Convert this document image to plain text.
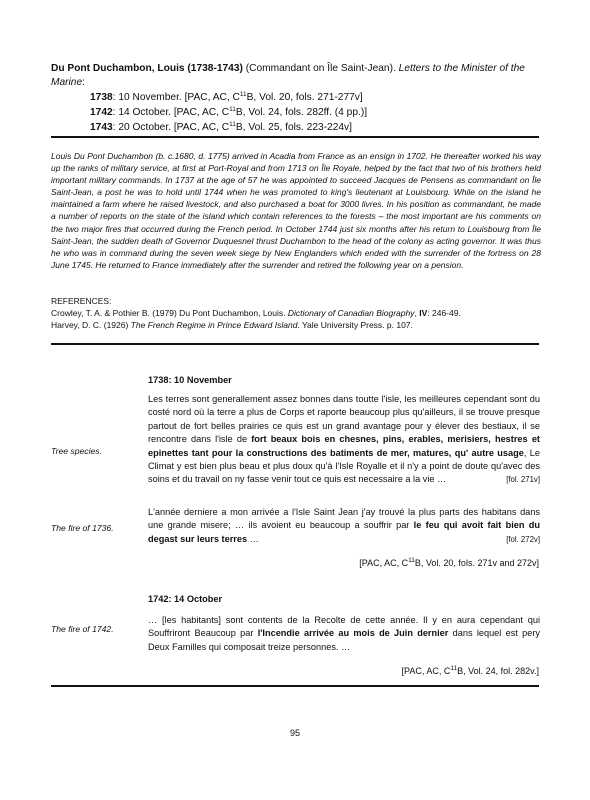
Du Pont Duchambon, Louis (1738-1743) (Commandant on Île Saint-Jean). Letters to the Minister of the Marine:
1738: 10 November. [PAC, AC, $C^{11}B$, Vol. 20, fols. 271-277v]
1742: 14 October. [PAC, AC, $C^{11}B$, Vol. 24, fols. 282ff. (4 pp.)]
1743: 20 October. [PAC, AC, $C^{11}B$, Vol. 25, fols. 223-224v]
Louis Du Pont Duchambon (b. c.1680, d. 1775) arrived in Acadia from France as an ensign in 1702. He thereafter worked his way up the ranks of military service, at first at Port-Royal and from 1713 on Île Royale, helped by the fact that two of his brothers held important military commands. In 1737 at the age of 57 he was appointed to succeed Jacques de Pensens as commandant on Île Saint-Jean, a post he was to hold until 1744 when he was promoted to king's lieutenant at Louisbourg. While on the island he maintained a farm where he raised livestock, and also purchased a boat for 3000 livres. In his position as commandant, he made a number of reports on the state of the island which contain references to the forests – the most important are his comments on the two major fires that occurred during the French period. In October 1744 just six months after his return to Louisbourg from Île Saint-Jean, the sudden death of Governor Duquesnel thrust Duchambon to the head of the colony as acting governor. It was thus he who was in command during the seven week siege by New Englanders which ended with the surrender of the fortress on 28 June 1745. He returned to France immediately after the surrender and retired the following year on a pension.
REFERENCES:
Crowley, T. A. & Pothier B. (1979) Du Pont Duchambon, Louis. Dictionary of Canadian Biography, IV: 246-49.
Harvey, D. C. (1926) The French Regime in Prince Edward Island. Yale University Press. p. 107.
1738: 10 November
Les terres sont generallement assez bonnes dans toutte l'isle, les meilleures cependant sont du costé nord où la terre a plus de Corps et raporte beaucoup plus qu'ailleurs, il se trouve presque partout de fort belles prairies ce quis est un grand avantage pour y élever des bestiaux, il se rencontre dans l'isle de fort beaux bois en chesnes, pins, erables, merisiers, hestres et epinettes tant pour la constructions des batiments de mer, matures, qu' autre usage, Le Climat y est bien plus beau et plus doux qu'à l'Isle Royalle et il n'y a point de doute qu'avec des soins et du travail on ny fasse venir tout ce quis est necessaire a la vie …	[fol. 271v]
Tree species.
L'année derniere a mon arrivée a l'Isle Saint Jean j'ay trouvé la plus parts des habitans dans une grande misere; … ils avoient eu beaucoup a souffrir par le feu qui avoit fait bien du degast sur leurs terres …	[fol. 272v]
The fire of 1736.
[PAC, AC, $C^{11}B$, Vol. 20, fols. 271v and 272v]
1742: 14 October
… [les habitants] sont contents de la Recolte de cette année. Il y en aura cependant qui Souffriront Beaucoup par l'Incendie arrivée au mois de Juin dernier dans lequel est pery Deux Familles qui composait treize personnes. …
The fire of 1742.
[PAC, AC, $C^{11}B$, Vol. 24, fol. 282v.]
95
